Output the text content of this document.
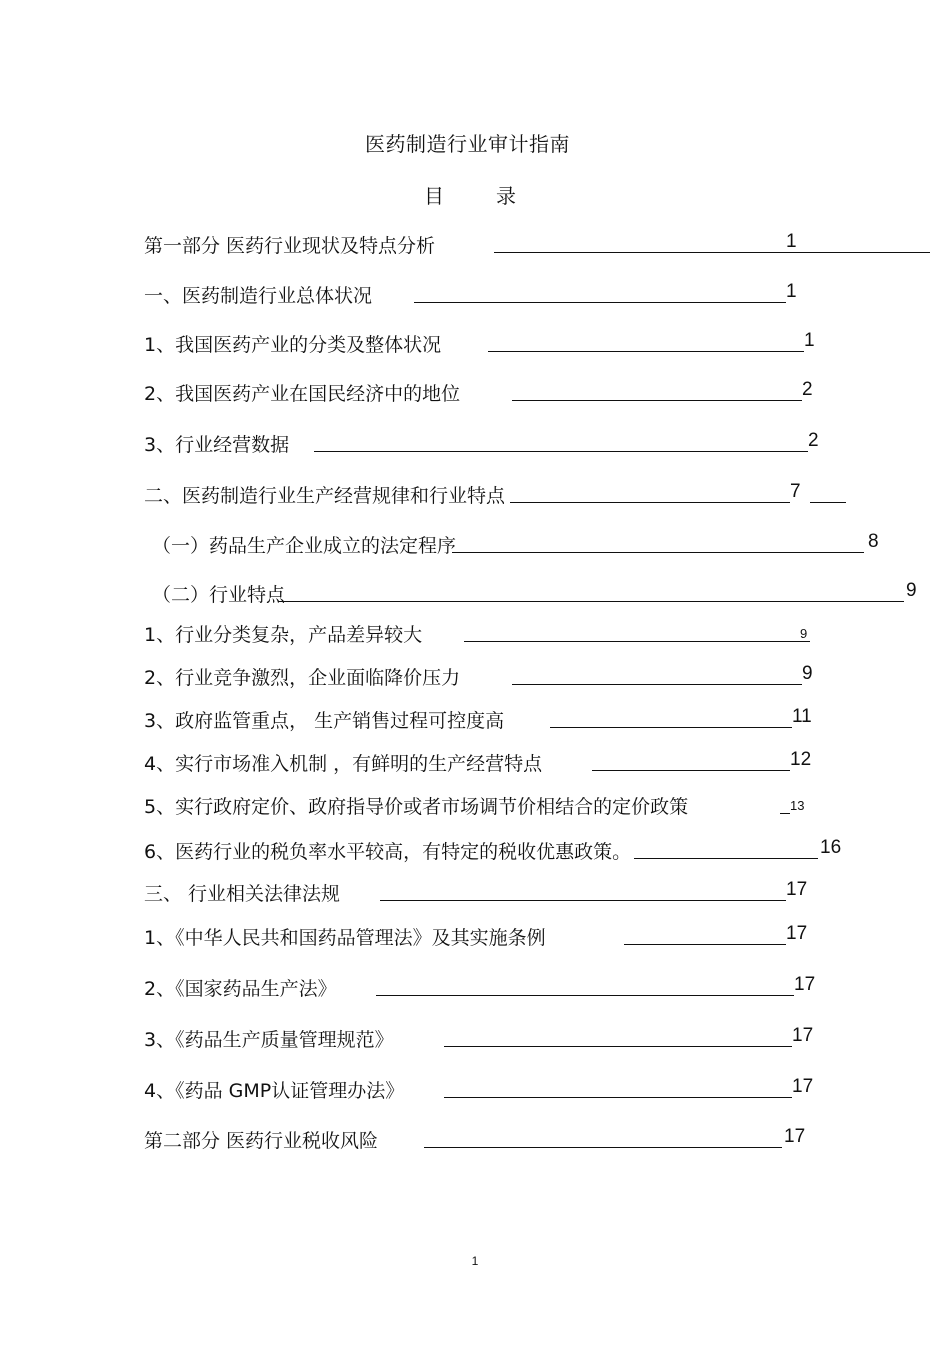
医药制造行业审计指南
目	录
第一部分 医药行业现状及特点分析	1
一、医药制造行业总体状况	1
1、我国医药产业的分类及整体状况	1
2、我国医药产业在国民经济中的地位	2
3、行业经营数据	2
二、医药制造行业生产经营规律和行业特点	7
（一）药品生产企业成立的法定程序	8
（二）行业特点	9
1、行业分类复杂，产品差异较大	9
2、行业竞争激烈，企业面临降价压力	9
3、政府监管重点， 生产销售过程可控度高	11
4、实行市场准入机制 ，有鲜明的生产经营特点	12
5、实行政府定价、政府指导价或者市场调节价相结合的定价政策	13
6、医药行业的税负率水平较高，有特定的税收优惠政策。	16
三、 行业相关法律法规	17
1、《中华人民共和国药品管理法》及其实施条例	17
2、《国家药品生产法》	17
3、《药品生产质量管理规范》	17
4、《药品 GMP认证管理办法》	17
第二部分 医药行业税收风险	17
1
